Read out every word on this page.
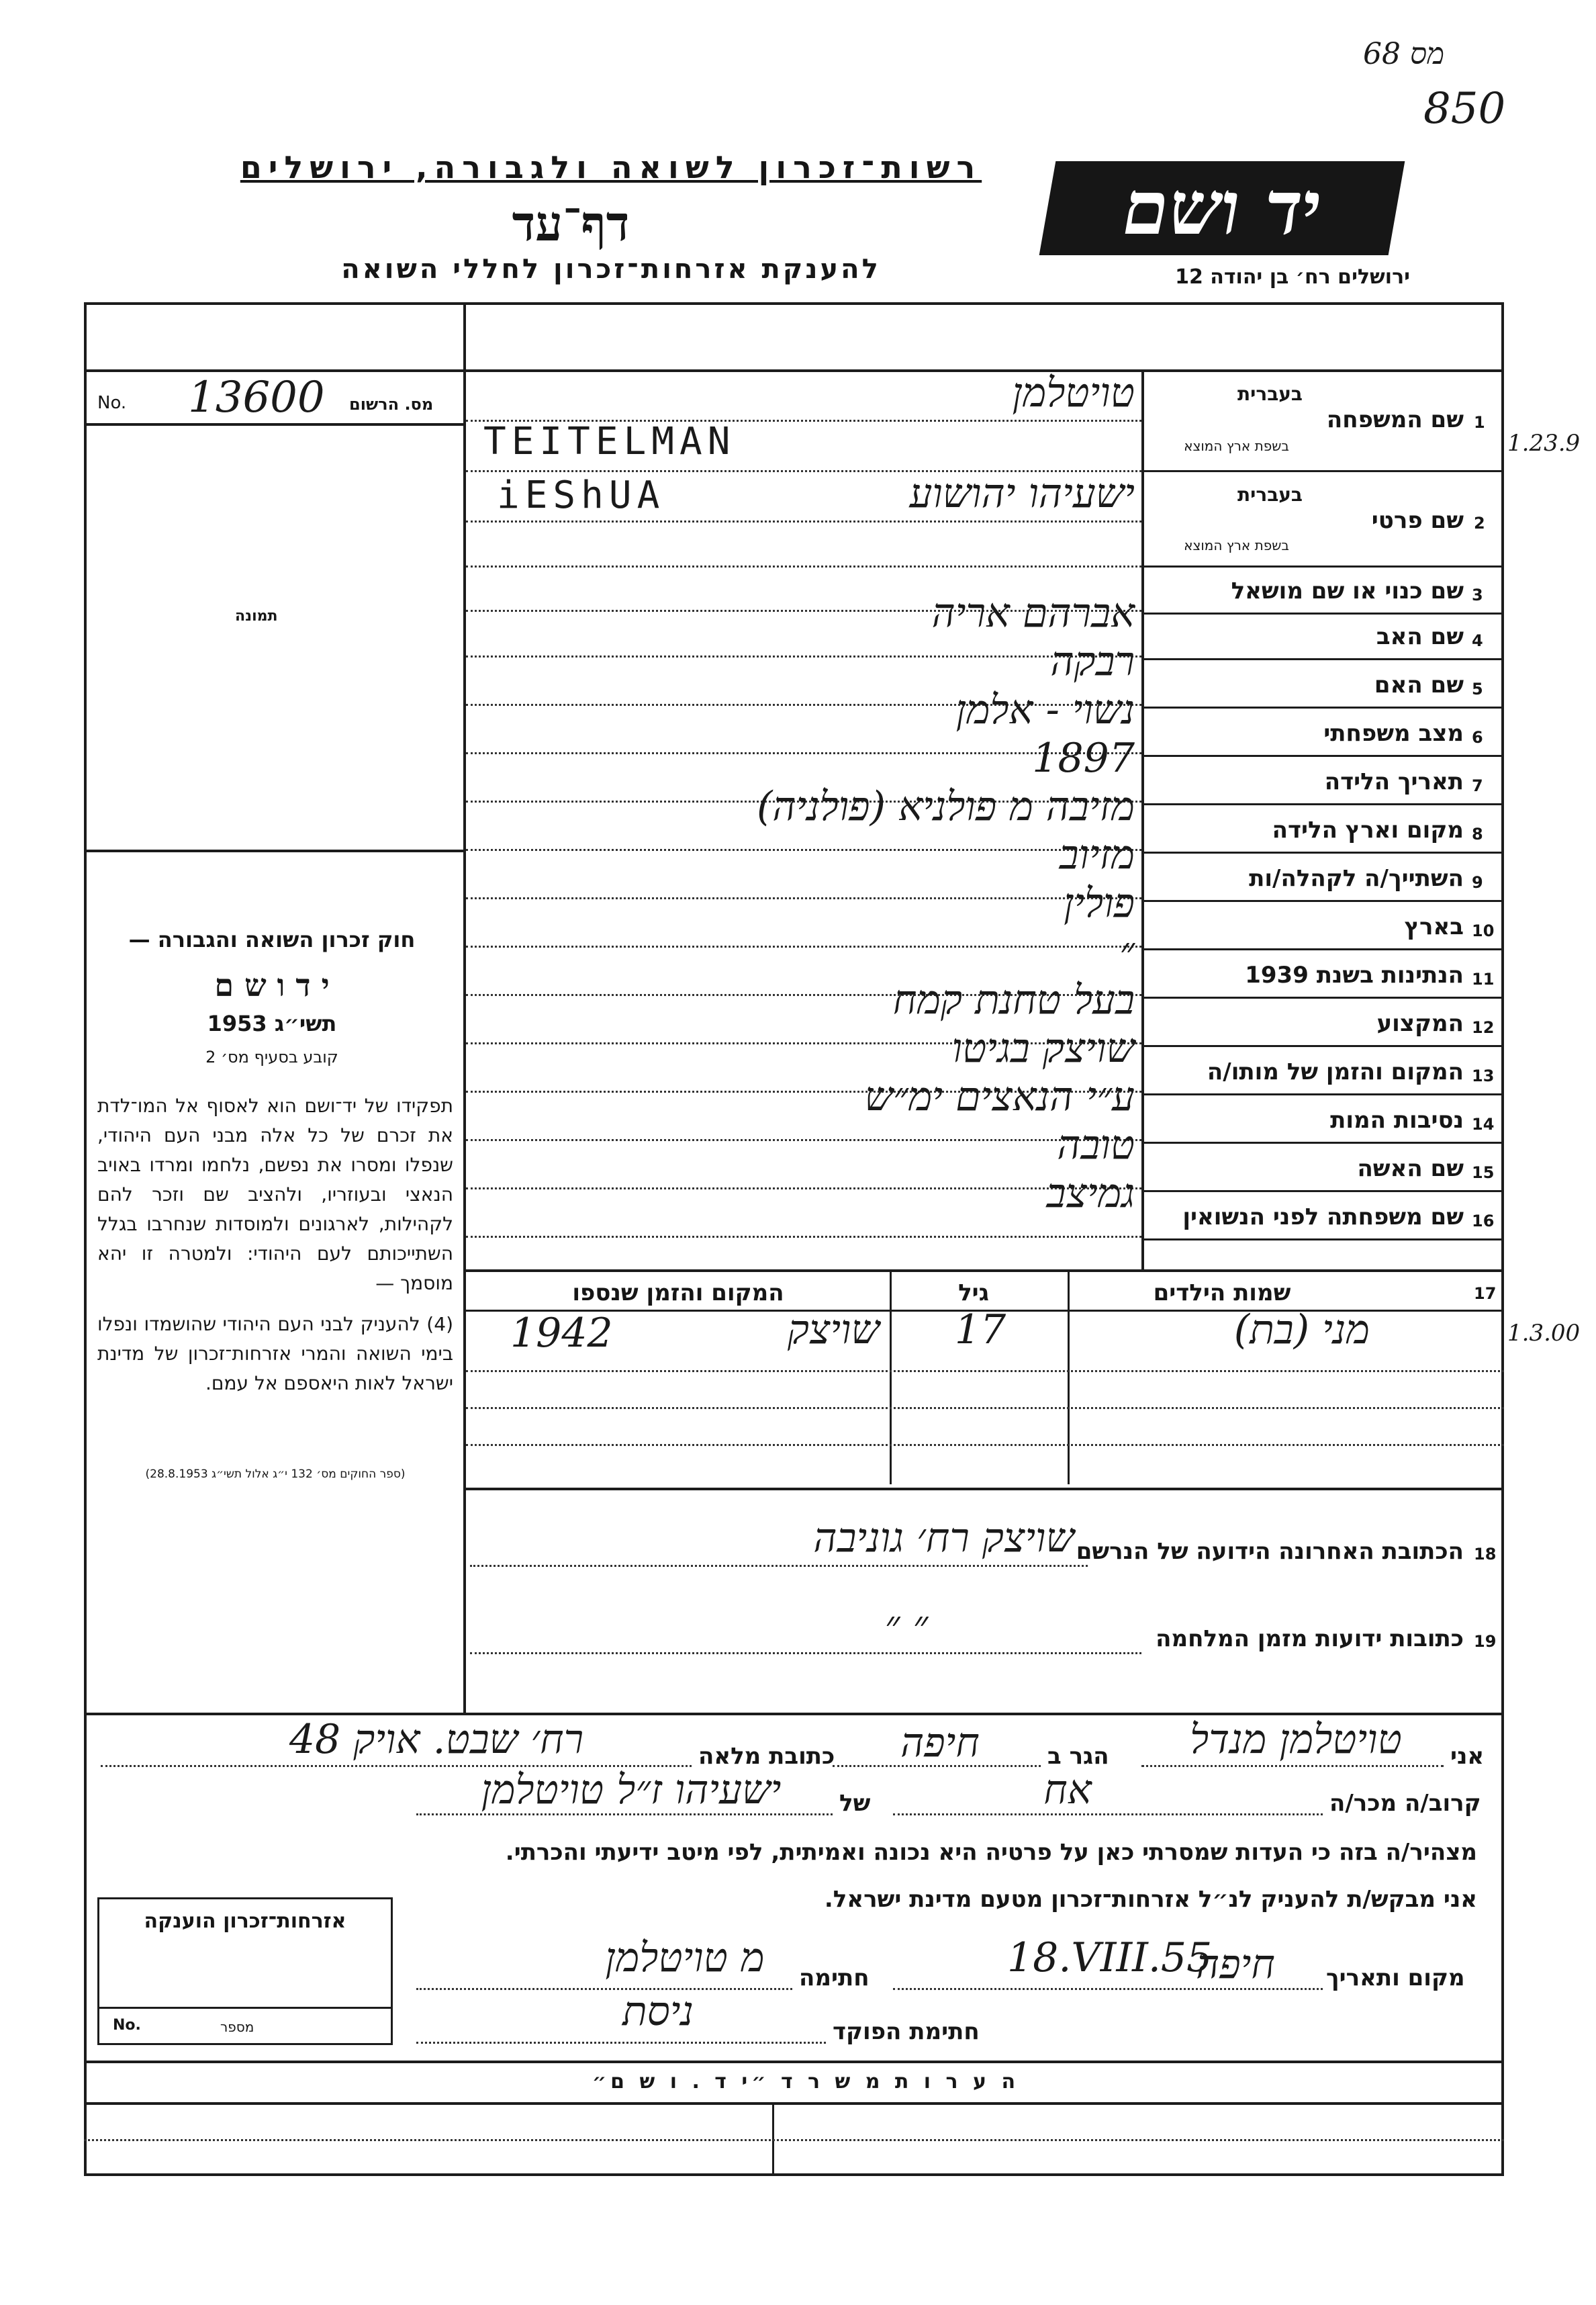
68 מס
850
יד ושם
ירושלים רח׳ בן יהודה 12
רשות־זכרון לשואה ולגבורה, ירושלים
דף־עד
להענקת אזרחות־זכרון לחללי השואה
No. 13600 מס. הרשום
תמונה
חוק זכרון השואה והגבורה —
י ד ו ש ם
תשי״ג 1953
קובע בסעיף מס׳ 2
תפקידו של יד־ושם הוא לאסוף אל המו־לדת את זכרם של כל אלה מבני העם היהודי, שנפלו ומסרו את נפשם, נלחמו ומרדו באויב הנאצי ובעוזריו, ולהציב שם וזכר להם לקהילות, לארגונים ולמוסדות שנחרבו בגלל השתייכותם לעם היהודי: ולמטרה זו יהא מוסמך —
(4) להעניק לבני העם היהודי שהושמדו ונפלו בימי השואה והמרי אזרחות־זכרון של מדינת ישראל לאות היאספם אל עמם.
(ספר החוקים מס׳ 132 י״ג אלול תשי״ג 28.8.1953)
1.23.9
1.3.00
1
שם המשפחה
בעברית
בשפת ארץ המוצא
טויטלמן
TEITELMAN
2
שם פרטי
בעברית
בשפת ארץ המוצא
ישעיהו יהושוע
iEShUA
3
שם כנוי או שם מושאל
4
שם האב
אברהם אריה
5
שם האם
רבקה
6
מצב משפחתי
נשוי - אלמן
7
תאריך הלידה
1897
8
מקום וארץ הלידה
מזיבה מ פולניא (פולניה)
9
השתייך/ה לקהלה/ות
מזיוב
10
בארץ
פולין
11
הנתינות בשנת 1939
״
12
המקצוע
בעל טחנת קמח
13
המקום והזמן של מותו/ה
שויצק בגיטו
14
נסיבות המות
ע״י הנאצים ימ״ש
15
שם האשה
טובה
16
שם משפחתה לפני הנשואין
גמיצב
17
שמות הילדים
גיל
המקום והזמן שנספו
מני (בת)
17
שויצק
1942
18
הכתובת האחרונה הידועה של הנרשם
שויצק רח׳ גוניבה
19
כתובות ידועות מזמן המלחמה
״ ״
אני
טויטלמן מנדל
הגר ב
חיפה
כתובת מלאה
רח׳ שבט. אויק 48
קרוב/ה מכר/ה
אח
של
ישעיהו ז״ל טויטלמן
מצהיר/ה בזה כי העדות שמסרתי כאן על פרטיה היא נכונה ואמיתית, לפי מיטב ידיעתי והכרתי.
אני מבקש/ת להעניק לנ״ל אזרחות־זכרון מטעם מדינת ישראל.
מקום ותאריך
חיפה
18.VIII.55
חתימה
מ טויטלמן
חתימת הפוקד
ניסת
אזרחות־זכרון הוענקה
No.	מספר
ה ע ר ו ת מ ש ר ד ״י ד . ו ש ם״
